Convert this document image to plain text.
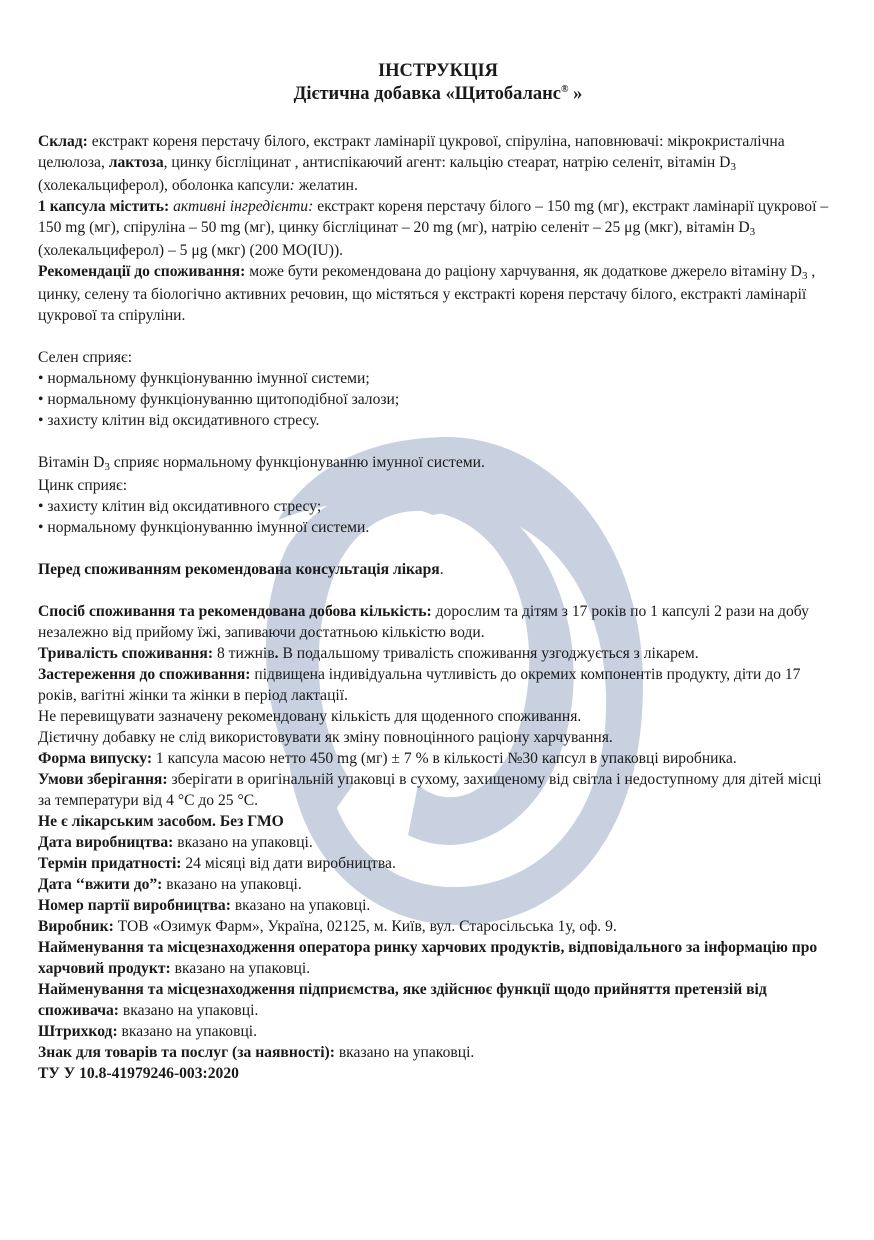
ІНСТРУКЦІЯ
Дієтична добавка «Щитобаланс® »

Склад: екстракт кореня перстачу білого, екстракт ламінарії цукрової, спіруліна, наповнювачі: мікрокристалічна целюлоза, лактоза, цинку бісгліцинат , антиспікаючий агент: кальцію стеарат, натрію селеніт, вітамін D3 (холекальциферол), оболонка капсули: желатин.

1 капсула містить: активні інгредієнти: екстракт кореня перстачу білого – 150 mg (мг), екстракт ламінарії цукрової – 150 mg (мг), спіруліна – 50 mg (мг), цинку бісгліцинат – 20 mg (мг), натрію селеніт – 25 μg (мкг), вітамін D3 (холекальциферол) – 5 μg (мкг) (200 МО(IU)).

Рекомендації до споживання: може бути рекомендована до раціону харчування, як додаткове джерело вітаміну D3 , цинку, селену та біологічно активних речовин, що містяться у екстракті кореня перстачу білого, екстракті ламінарії цукрової та спіруліни.

Селен сприяє:

• нормальному функціонуванню імунної системи;

• нормальному функціонуванню щитоподібної залози;

• захисту клітин від оксидативного стресу.

Вітамін D3 сприяє нормальному функціонуванню імунної системи.

Цинк сприяє:

• захисту клітин від оксидативного стресу;

• нормальному функціонуванню імунної системи.

Перед споживанням рекомендована консультація лікаря.

Спосіб споживання та рекомендована добова кількість: дорослим та дітям з 17 років по 1 капсулі 2 рази на добу незалежно від прийому їжі, запиваючи достатньою кількістю води.

Тривалість споживання: 8 тижнів. В подальшому тривалість споживання узгоджується з лікарем.

Застереження до споживання: підвищена індивідуальна чутливість до окремих компонентів продукту, діти до 17 років, вагітні жінки та жінки в період лактації.

Не перевищувати зазначену рекомендовану кількість для щоденного споживання.

Дієтичну добавку не слід використовувати як зміну повноцінного раціону харчування.

Форма випуску: 1 капсула масою нетто 450 mg (мг) ± 7 % в кількості №30 капсул в упаковці виробника.

Умови зберігання: зберігати в оригінальній упаковці в сухому, захищеному від світла і недоступному для дітей місці за температури від 4 °С до 25 °С.

Не є лікарським засобом. Без ГМО

Дата виробництва: вказано на упаковці.

Термін придатності: 24 місяці від дати виробництва.

Дата ‘‘вжити до”: вказано на упаковці.

Номер партії виробництва: вказано на упаковці.

Виробник: ТОВ «Озимук Фарм», Україна, 02125, м. Київ, вул. Старосільська 1у, оф. 9.

Найменування та місцезнаходження оператора ринку харчових продуктів, відповідального за інформацію про харчовий продукт: вказано на упаковці.

Найменування та місцезнаходження підприємства, яке здійснює функції щодо прийняття претензій від споживача: вказано на упаковці.

Штрихкод: вказано на упаковці.

Знак для товарів та послуг (за наявності): вказано на упаковці.

ТУ У 10.8-41979246-003:2020
